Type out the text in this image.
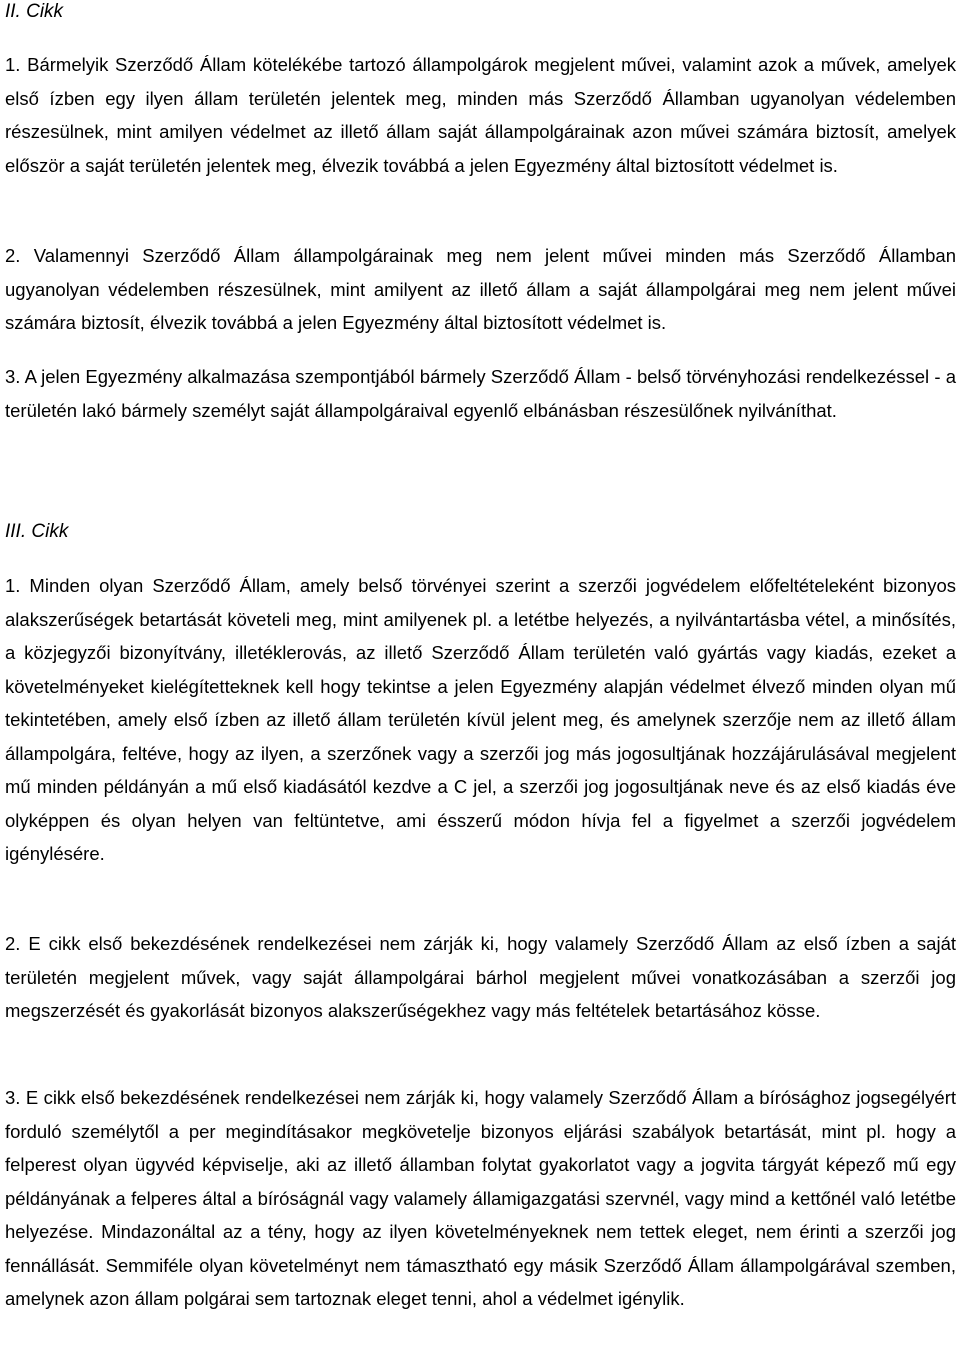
II. Cikk

1. Bármelyik Szerződő Állam kötelékébe tartozó állampolgárok megjelent művei, valamint azok a művek, amelyek első ízben egy ilyen állam területén jelentek meg, minden más Szerződő Államban ugyanolyan védelemben részesülnek, mint amilyen védelmet az illető állam saját állampolgárainak azon művei számára biztosít, amelyek először a saját területén jelentek meg, élvezik továbbá a jelen Egyezmény által biztosított védelmet is.

2. Valamennyi Szerződő Állam állampolgárainak meg nem jelent művei minden más Szerződő Államban ugyanolyan védelemben részesülnek, mint amilyent az illető állam a saját állampolgárai meg nem jelent művei számára biztosít, élvezik továbbá a jelen Egyezmény által biztosított védelmet is.

3. A jelen Egyezmény alkalmazása szempontjából bármely Szerződő Állam - belső törvényhozási rendelkezéssel - a területén lakó bármely személyt saját állampolgáraival egyenlő elbánásban részesülőnek nyilváníthat.

III. Cikk

1. Minden olyan Szerződő Állam, amely belső törvényei szerint a szerzői jogvédelem előfeltételeként bizonyos alakszerűségek betartását követeli meg, mint amilyenek pl. a letétbe helyezés, a nyilvántartásba vétel, a minősítés, a közjegyzői bizonyítvány, illetéklerovás, az illető Szerződő Állam területén való gyártás vagy kiadás, ezeket a követelményeket kielégítetteknek kell hogy tekintse a jelen Egyezmény alapján védelmet élvező minden olyan mű tekintetében, amely első ízben az illető állam területén kívül jelent meg, és amelynek szerzője nem az illető állam állampolgára, feltéve, hogy az ilyen, a szerzőnek vagy a szerzői jog más jogosultjának hozzájárulásával megjelent mű minden példányán a mű első kiadásától kezdve a C jel, a szerzői jog jogosultjának neve és az első kiadás éve olyképpen és olyan helyen van feltüntetve, ami ésszerű módon hívja fel a figyelmet a szerzői jogvédelem igénylésére.

2. E cikk első bekezdésének rendelkezései nem zárják ki, hogy valamely Szerződő Állam az első ízben a saját területén megjelent művek, vagy saját állampolgárai bárhol megjelent művei vonatkozásában a szerzői jog megszerzését és gyakorlását bizonyos alakszerűségekhez vagy más feltételek betartásához kösse.

3. E cikk első bekezdésének rendelkezései nem zárják ki, hogy valamely Szerződő Állam a bírósághoz jogsegélyért forduló személytől a per megindításakor megkövetelje bizonyos eljárási szabályok betartását, mint pl. hogy a felperest olyan ügyvéd képviselje, aki az illető államban folytat gyakorlatot vagy a jogvita tárgyát képező mű egy példányának a felperes által a bíróságnál vagy valamely államigazgatási szervnél, vagy mind a kettőnél való letétbe helyezése. Mindazonáltal az a tény, hogy az ilyen követelményeknek nem tettek eleget, nem érinti a szerzői jog fennállását. Semmiféle olyan követelményt nem támasztható egy másik Szerződő Állam állampolgárával szemben, amelynek azon állam polgárai sem tartoznak eleget tenni, ahol a védelmet igénylik.
